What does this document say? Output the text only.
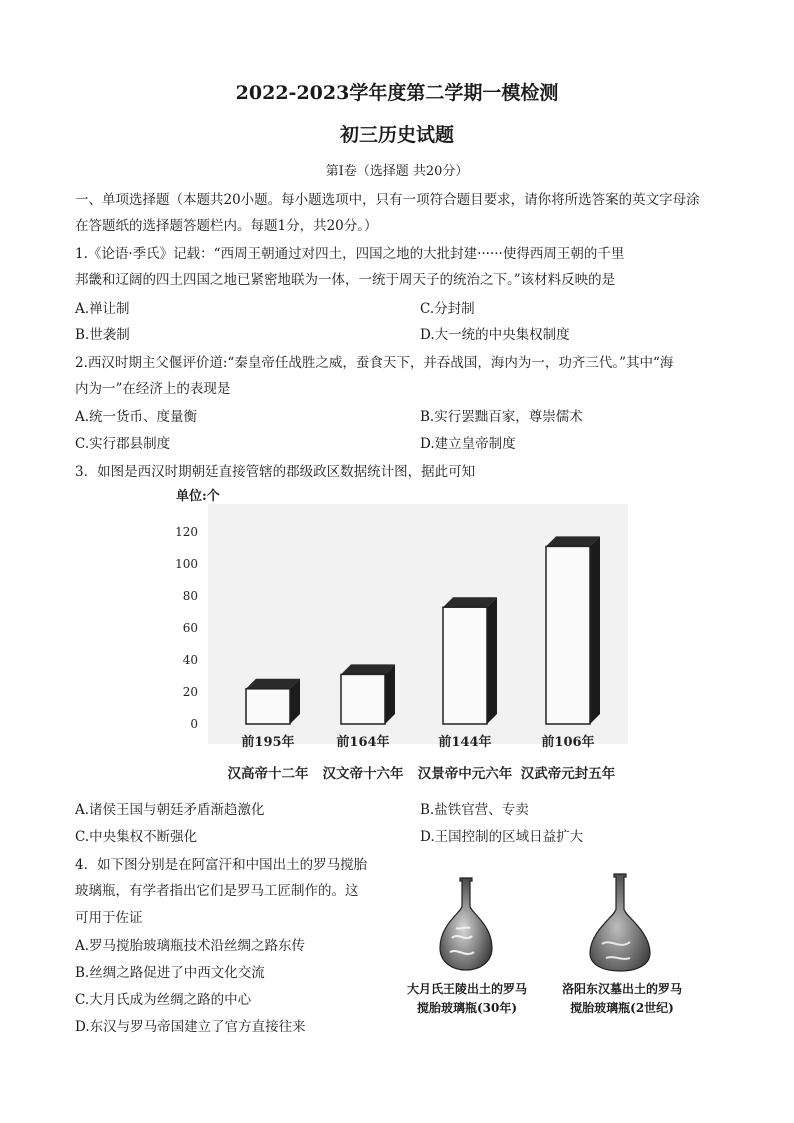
2022-2023学年度第二学期一模检测
初三历史试题
第Ⅰ卷（选择题 共20分）
一、单项选择题（本题共20小题。每小题选项中，只有一项符合题目要求，请你将所选答案的英文字母涂
在答题纸的选择题答题栏内。每题1分，共20分。）
1.《论语·季氏》记载：“西周王朝通过对四土，四国之地的大批封建······使得西周王朝的千里
邦畿和辽阔的四土四国之地已紧密地联为一体，一统于周天子的统治之下。”该材料反映的是
A.禅让制	C.分封制
B.世袭制	D.大一统的中央集权制度
2.西汉时期主父偃评价道:“秦皇帝任战胜之威，蚕食天下，并吞战国，海内为一，功齐三代。”其中“海
内为一”在经济上的表现是
A.统一货币、度量衡	B.实行罢黜百家，尊崇儒术
C.实行郡县制度	D.建立皇帝制度
3．如图是西汉时期朝廷直接管辖的郡级政区数据统计图，据此可知
单位:个
0
20
40
60
80
100
120
前195年
汉高帝十二年
前164年
汉文帝十六年
前144年
汉景帝中元六年
前106年
汉武帝元封五年
A.诸侯王国与朝廷矛盾渐趋激化	B.盐铁官营、专卖
C.中央集权不断强化	D.王国控制的区域日益扩大
4．如下图分别是在阿富汗和中国出土的罗马搅胎
玻璃瓶，有学者指出它们是罗马工匠制作的。这
可用于佐证
A.罗马搅胎玻璃瓶技术沿丝绸之路东传
B.丝绸之路促进了中西文化交流
C.大月氏成为丝绸之路的中心
D.东汉与罗马帝国建立了官方直接往来
大月氏王陵出土的罗马
搅胎玻璃瓶(30年)
洛阳东汉墓出土的罗马
搅胎玻璃瓶(2世纪)
